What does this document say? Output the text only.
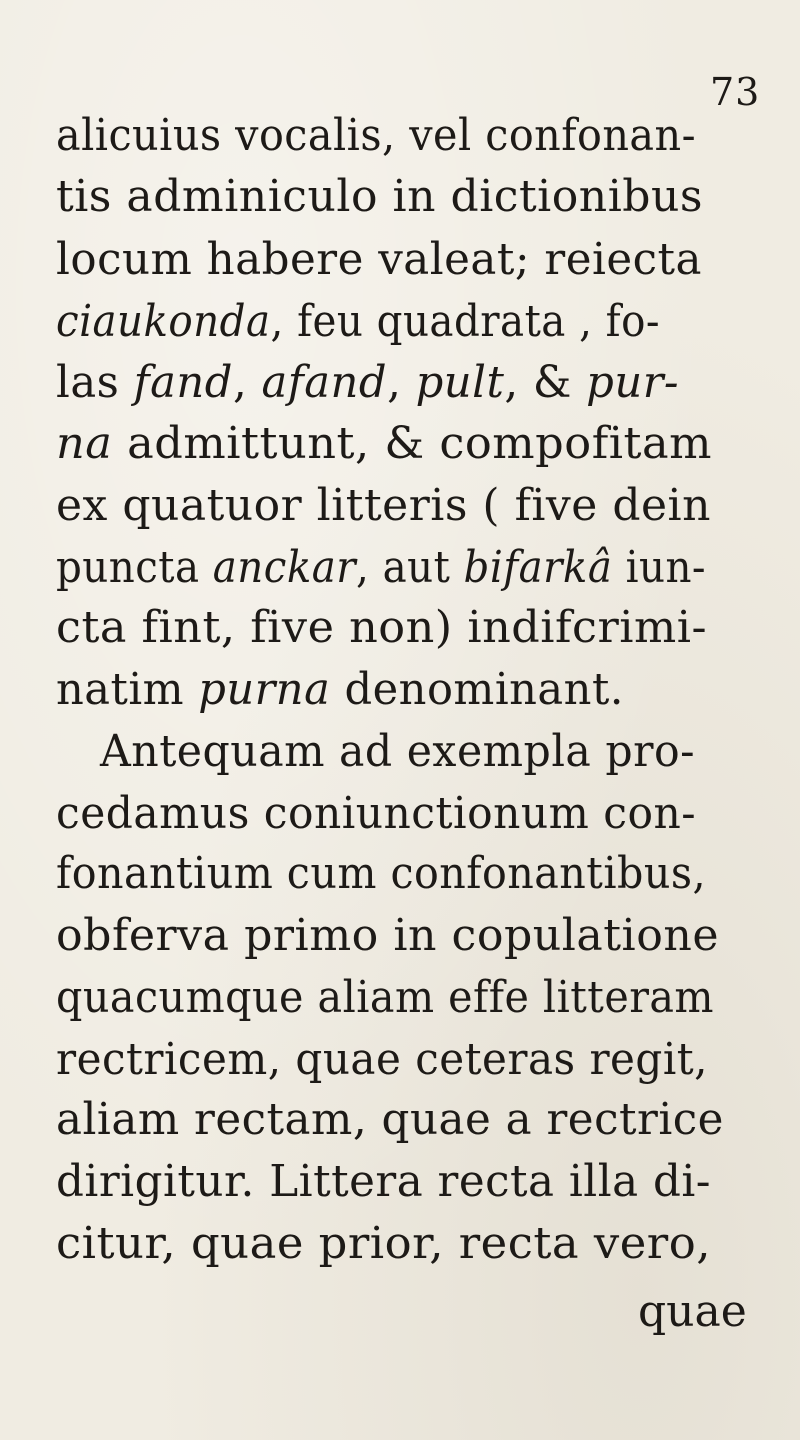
73
alicuius vocalis, vel confonan-
tis adminiculo in dictionibus
locum habere valeat; reiecta
ciaukonda, feu quadrata , fo-
las fand, afand, pult, & pur-
na admittunt, & compofitam
ex quatuor litteris ( five dein
puncta anckar, aut bifarkâ iun-
cta fint, five non) indifcrimi-
natim purna denominant.
Antequam ad exempla pro-
cedamus coniunctionum con-
fonantium cum confonantibus,
obferva primo in copulatione
quacumque aliam effe litteram
rectricem, quae ceteras regit,
aliam rectam, quae a rectrice
dirigitur. Littera recta illa di-
citur, quae prior, recta vero,
quae
